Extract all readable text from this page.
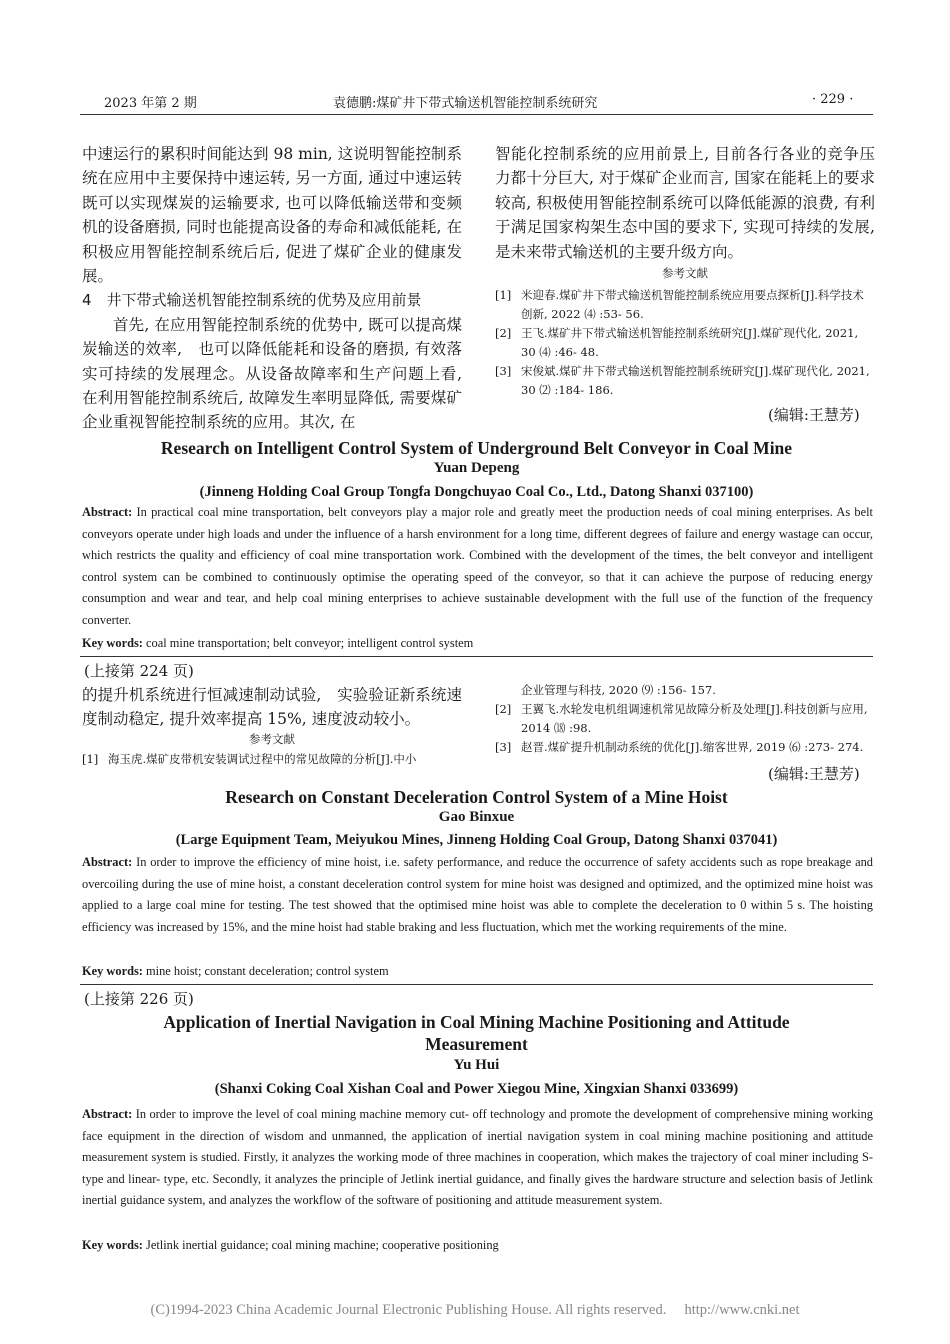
2023 年第 2 期	袁德鹏:煤矿井下带式输送机智能控制系统研究	· 229 ·

中速运行的累积时间能达到 98 min, 这说明智能控制系统在应用中主要保持中速运转, 另一方面, 通过中速运转既可以实现煤炭的运输要求, 也可以降低输送带和变频机的设备磨损, 同时也能提高设备的寿命和减低能耗, 在积极应用智能控制系统后后, 促进了煤矿企业的健康发展。

4　井下带式输送机智能控制系统的优势及应用前景

首先, 在应用智能控制系统的优势中, 既可以提高煤炭输送的效率,　也可以降低能耗和设备的磨损, 有效落实可持续的发展理念。从设备故障率和生产问题上看, 在利用智能控制系统后, 故障发生率明显降低, 需要煤矿企业重视智能控制系统的应用。其次, 在

智能化控制系统的应用前景上, 目前各行各业的竞争压力都十分巨大, 对于煤矿企业而言, 国家在能耗上的要求较高, 积极使用智能控制系统可以降低能源的浪费, 有利于满足国家构架生态中国的要求下, 实现可持续的发展, 是未来带式输送机的主要升级方向。

参考文献
[1] 米迎春.煤矿井下带式输送机智能控制系统应用要点探析[J].科学技术创新, 2022 ⑷ :53- 56.
[2] 王飞.煤矿井下带式输送机智能控制系统研究[J].煤矿现代化, 2021, 30 ⑷ :46- 48.
[3] 宋俊斌.煤矿井下带式输送机智能控制系统研究[J].煤矿现代化, 2021, 30 ⑵ :184- 186.
(编辑:王慧芳)
Research on Intelligent Control System of Underground Belt Conveyor in Coal Mine
Yuan Depeng
(Jinneng Holding Coal Group Tongfa Dongchuyao Coal Co., Ltd., Datong Shanxi 037100)
Abstract: In practical coal mine transportation, belt conveyors play a major role and greatly meet the production needs of coal mining enterprises. As belt conveyors operate under high loads and under the influence of a harsh environment for a long time, different degrees of failure and energy wastage can occur, which restricts the quality and efficiency of coal mine transportation work. Combined with the development of the times, the belt conveyor and intelligent control system can be combined to continuously optimise the operating speed of the conveyor, so that it can achieve the purpose of reducing energy consumption and wear and tear, and help coal mining enterprises to achieve sustainable development with the full use of the function of the frequency converter.
Key words: coal mine transportation; belt conveyor; intelligent control system
(上接第 224 页)

的提升机系统进行恒减速制动试验,　实验验证新系统速度制动稳定, 提升效率提高 15%, 速度波动较小。

参考文献
[1] 海玉虎.煤矿皮带机安装调试过程中的常见故障的分析[J].中小
企业管理与科技, 2020 ⑼ :156- 157.
[2] 王翼飞.水轮发电机组调速机常见故障分析及处理[J].科技创新与应用, 2014 ⒅ :98.
[3] 赵晋.煤矿提升机制动系统的优化[J].缩客世界, 2019 ⑹ :273- 274.
(编辑:王慧芳)
Research on Constant Deceleration Control System of a Mine Hoist
Gao Binxue
(Large Equipment Team, Meiyukou Mines, Jinneng Holding Coal Group, Datong Shanxi 037041)
Abstract: In order to improve the efficiency of mine hoist, i.e. safety performance, and reduce the occurrence of safety accidents such as rope breakage and overcoiling during the use of mine hoist, a constant deceleration control system for mine hoist was designed and optimized, and the optimized mine hoist was applied to a large coal mine for testing. The test showed that the optimised mine hoist was able to complete the deceleration to 0 within 5 s. The hoisting efficiency was increased by 15%, and the mine hoist had stable braking and less fluctuation, which met the working requirements of the mine.
Key words: mine hoist; constant deceleration; control system
(上接第 226 页)
Application of Inertial Navigation in Coal Mining Machine Positioning and Attitude
Measurement
Yu Hui
(Shanxi Coking Coal Xishan Coal and Power Xiegou Mine, Xingxian Shanxi 033699)
Abstract: In order to improve the level of coal mining machine memory cut- off technology and promote the development of comprehensive mining working face equipment in the direction of wisdom and unmanned, the application of inertial navigation system in coal mining machine positioning and attitude measurement system is studied. Firstly, it analyzes the working mode of three machines in cooperation, which makes the trajectory of coal miner including S- type and linear- type, etc. Secondly, it analyzes the principle of Jetlink inertial guidance, and finally gives the hardware structure and selection basis of Jetlink inertial guidance system, and analyzes the workflow of the software of positioning and attitude measurement system.
Key words: Jetlink inertial guidance; coal mining machine; cooperative positioning
(C)1994-2023 China Academic Journal Electronic Publishing House. All rights reserved.　 http://www.cnki.net
